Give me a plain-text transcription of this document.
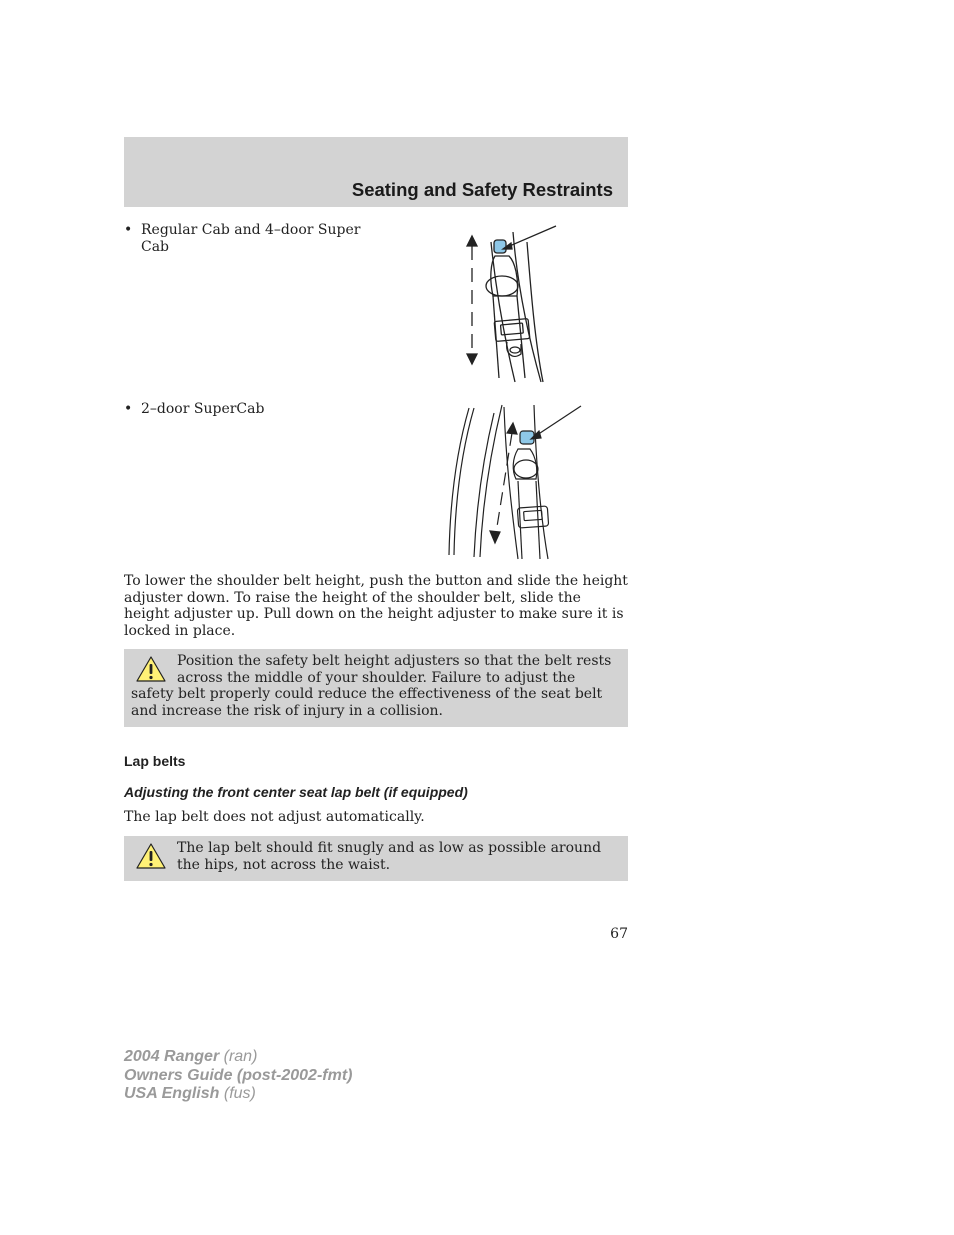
Seating and Safety Restraints
• Regular Cab and 4–door Super Cab
• 2–door SuperCab
To lower the shoulder belt height, push the button and slide the height adjuster down. To raise the height of the shoulder belt, slide the height adjuster up. Pull down on the height adjuster to make sure it is locked in place.
Position the safety belt height adjusters so that the belt rests across the middle of your shoulder. Failure to adjust the safety belt properly could reduce the effectiveness of the seat belt and increase the risk of injury in a collision.
Lap belts
Adjusting the front center seat lap belt (if equipped)
The lap belt does not adjust automatically.
The lap belt should fit snugly and as low as possible around the hips, not across the waist.
67
2004 Ranger (ran)
Owners Guide (post-2002-fmt)
USA English (fus)
